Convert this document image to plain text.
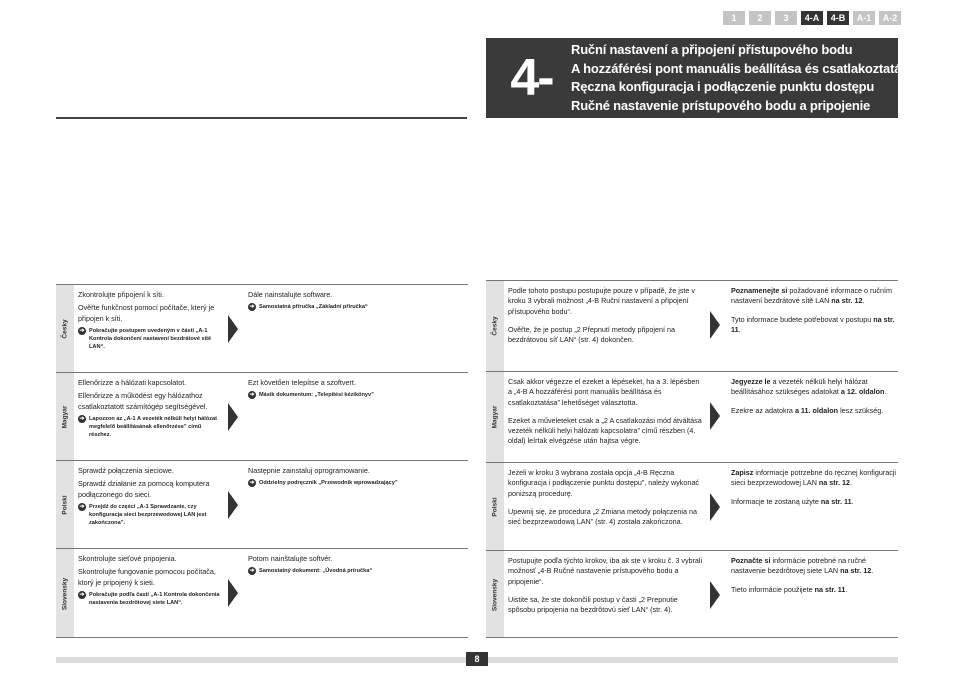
1	2	3	4-A	4-B	A-1	A-2
4-B
Ruční nastavení a připojení přístupového bodu
A hozzáférési pont manuális beállítása és csatlakoztatása
Ręczna konfiguracja i podłączenie punktu dostępu
Ručné nastavenie prístupového bodu a pripojenie
Česky

Zkontrolujte připojení k síti.

Ověřte funkčnost pomocí počítače, který je připojen k síti.

➔ Pokračujte postupem uvedeným v části „A-1 Kontrola dokončení nastavení bezdrátové sítě LAN“.

Dále nainstalujte software.

➔ Samostatná příručka „Základní příručka“
Magyar

Ellenőrizze a hálózati kapcsolatot.

Ellenőrizze a működést egy hálózathoz csatlakoztatott számítógép segítségével.

➔ Lapozzon az „A-1 A vezeték nélküli helyi hálózat megfelelő beállításának ellenőrzése” című részhez.

Ezt követően telepítse a szoftvert.

➔ Másik dokumentum: „Telepítési kézikönyv”
Polski

Sprawdź połączenia sieciowe.

Sprawdź działanie za pomocą komputera podłączonego do sieci.

➔ Przejdź do części „A-1 Sprawdzanie, czy konfiguracja sieci bezprzewodowej LAN jest zakończona”.

Następnie zainstaluj oprogramowanie.

➔ Oddzielny podręcznik „Przewodnik wprowadzający”
Slovensky

Skontrolujte sieťové pripojenia.

Skontrolujte fungovanie pomocou počítača, ktorý je pripojený k sieti.

➔ Pokračujte podľa časti „A-1 Kontrola dokončenia nastavenia bezdrôtovej siete LAN“.

Potom nainštalujte softvér.

➔ Samostatný dokument: „Úvodná príručka“
Česky

Podle tohoto postupu postupujte pouze v případě, že jste v kroku 3 vybrali možnost „4-B Ruční nastavení a připojení přístupového bodu“.

Ověřte, že je postup „2 Přepnutí metody připojení na bezdrátovou síť LAN“ (str. 4) dokončen.

Poznamenejte si požadované informace o ručním nastavení bezdrátové sítě LAN na str. 12.

Tyto informace budete potřebovat v postupu na str. 11.

Magyar

Csak akkor végezze el ezeket a lépéseket, ha a 3. lépésben a „4-B A hozzáférési pont manuális beállítása és csatlakoztatása” lehetőséget választotta.

Ezeket a műveleteket csak a „2 A csatlakozási mód átváltása vezeték nélküli helyi hálózati kapcsolatra” című részben (4. oldal) leírtak elvégzése után hajtsa végre.

Jegyezze le a vezeték nélküli helyi hálózat beállításához szükséges adatokat a 12. oldalon.

Ezekre az adatokra a 11. oldalon lesz szükség.

Polski

Jeżeli w kroku 3 wybrana została opcja „4-B Ręczna konfiguracja i podłączenie punktu dostępu”, należy wykonać poniższą procedurę.

Upewnij się, że procedura „2 Zmiana metody połączenia na sieć bezprzewodową LAN” (str. 4) została zakończona.

Zapisz informacje potrzebne do ręcznej konfiguracji sieci bezprzewodowej LAN na str. 12.

Informacje te zostaną użyte na str. 11.

Slovensky

Postupujte podľa týchto krokov, iba ak ste v kroku č. 3 vybrali možnosť „4-B Ručné nastavenie prístupového bodu a pripojenie“.

Uistite sa, že ste dokončili postup v časti „2 Prepnutie spôsobu pripojenia na bezdrôtovú sieť LAN“ (str. 4).

Poznačte si informácie potrebné na ručné nastavenie bezdrôtovej siete LAN na str. 12.

Tieto informácie použijete na str. 11.

8
